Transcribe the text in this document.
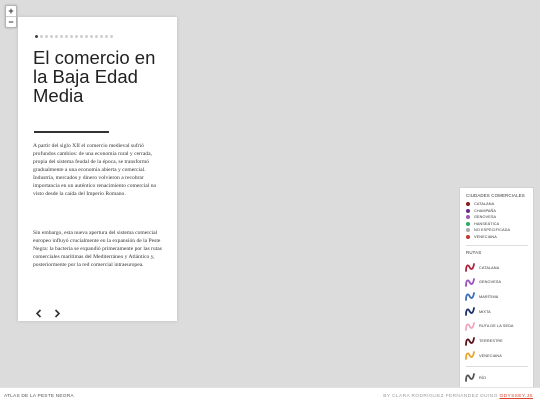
+
−
El comercio en la Baja Edad Media

A partir del siglo XII el comercio medieval sufrió profundos cambios: de una economía rural y cerrada, propia del sistema feudal de la época, se transformó gradualmente a una economía abierta y comercial. Industria, mercados y dinero volvieron a recobrar importancia en un auténtico renacimiento comercial no visto desde la caída del Imperio Romano.

Sin embargo, esta nueva apertura del sistema comercial europeo influyó crucialmente en la expansión de la Peste Negra: la bacteria se expandió primeramente por las rutas comerciales marítimas del Mediterráneo y Atlántico y, posteriormente por la red comercial intraeuropea.

CIUDADES COMERCIALES

RUTAS

CATALANA
CHAMPAÑA
GENOVESA
HANSEÁTICA
NO ESPECIFICADA
VENECIANA
CATALANA
GENOVESA
MARÍTIMA
MIXTA
RUTA DE LA SEDA
TERRESTRE
VENECIANA
RÍO
ATLAS DE LA PESTE NEGRA	BY CLARA RODRÍGUEZ FERNÁNDEZ DUINO ODYSSEY.JS
